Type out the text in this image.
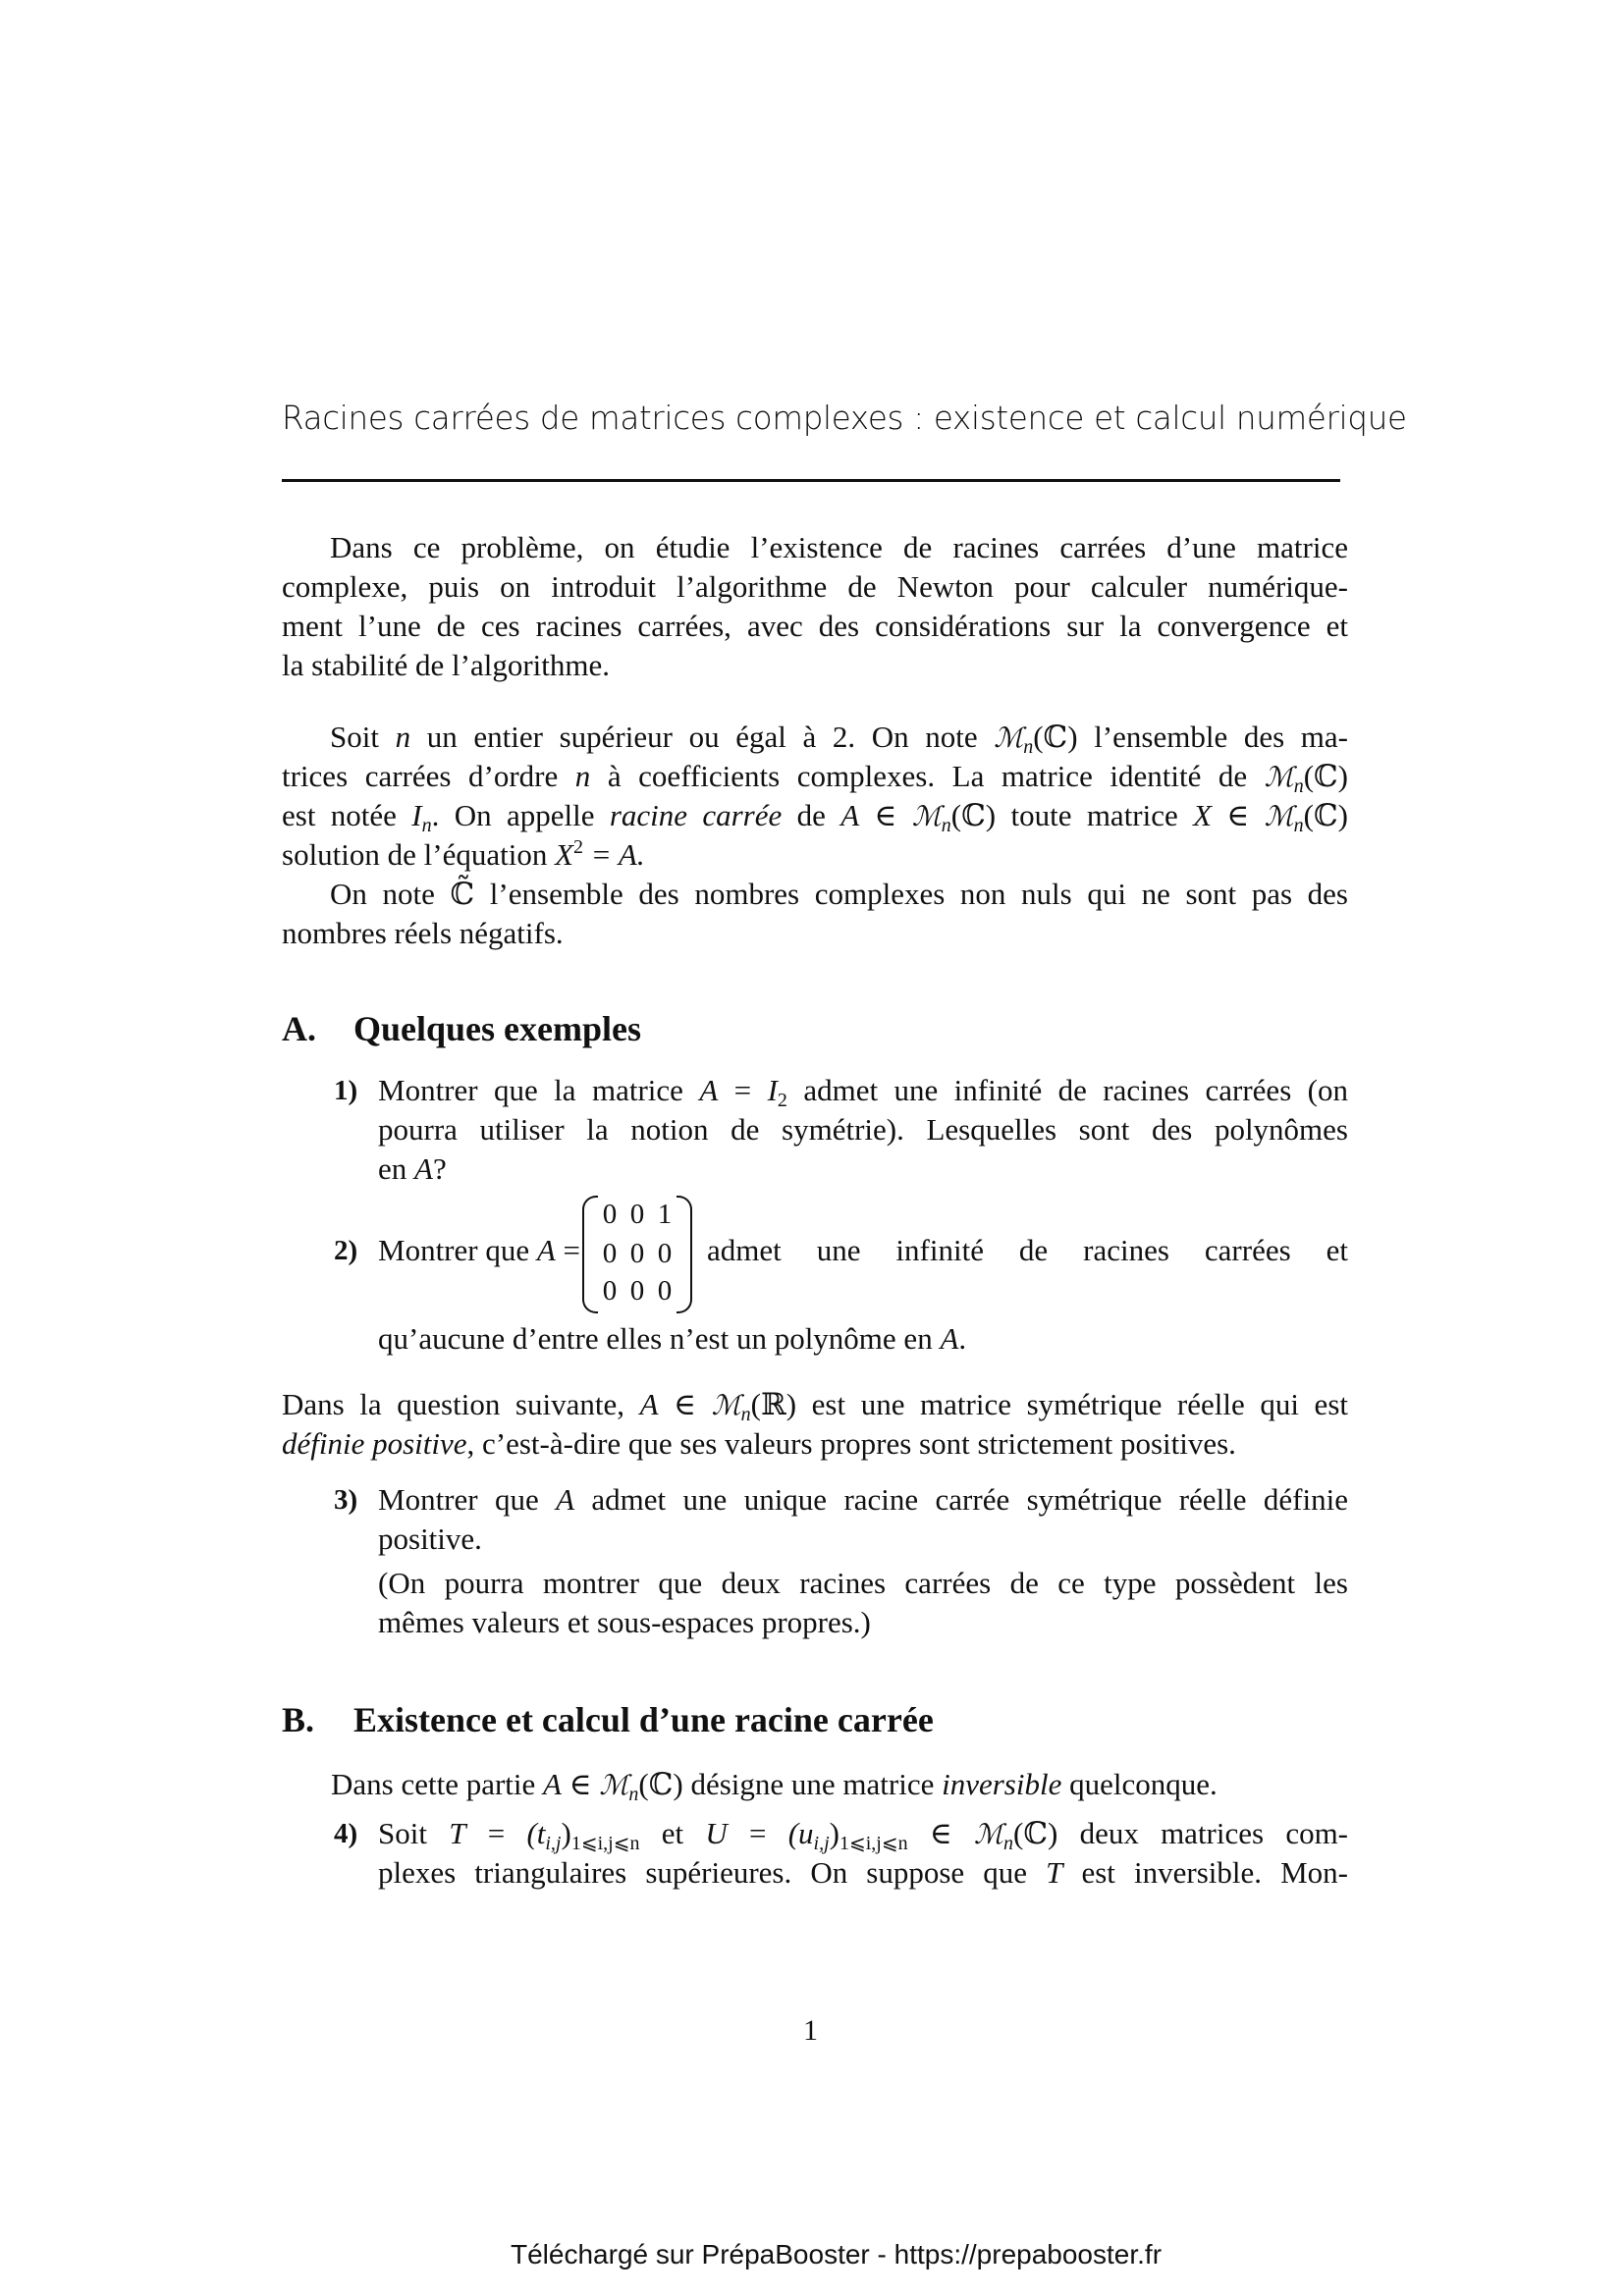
Racines carrées de matrices complexes : existence et calcul numérique
Dans ce problème, on étudie l’existence de racines carrées d’une matrice
complexe, puis on introduit l’algorithme de Newton pour calculer numérique-
ment l’une de ces racines carrées, avec des considérations sur la convergence et
la stabilité de l’algorithme.
Soit n un entier supérieur ou égal à 2. On note ℳ$_n$(ℂ) l’ensemble des ma-
trices carrées d’ordre n à coefficients complexes. La matrice identité de ℳ$_n$(ℂ)
est notée $I_n$. On appelle racine carrée de A ∈ ℳ$_n$(ℂ) toute matrice X ∈ ℳ$_n$(ℂ)
solution de l’équation $X^2 = A$.
On note ℂ̃ l’ensemble des nombres complexes non nuls qui ne sont pas des
nombres réels négatifs.
A. Quelques exemples
1) Montrer que la matrice $A = I_2$ admet une infinité de racines carrées (on
pourra utiliser la notion de symétrie). Lesquelles sont des polynômes
en A?
2) Montrer que A =
0 0 1
0 0 0
0 0 0
admet une infinité de racines carrées et
qu’aucune d’entre elles n’est un polynôme en A.
Dans la question suivante, A ∈ ℳ$_n$(ℝ) est une matrice symétrique réelle qui est
définie positive, c’est-à-dire que ses valeurs propres sont strictement positives.
3) Montrer que A admet une unique racine carrée symétrique réelle définie
positive.
(On pourra montrer que deux racines carrées de ce type possèdent les
mêmes valeurs et sous-espaces propres.)
B. Existence et calcul d’une racine carrée
Dans cette partie A ∈ ℳ$_n$(ℂ) désigne une matrice inversible quelconque.
4) Soit $T = (t_{i,j})_{1⩽i,j⩽n}$ et $U = (u_{i,j})_{1⩽i,j⩽n}$ ∈ ℳ$_n$(ℂ) deux matrices com-
plexes triangulaires supérieures. On suppose que T est inversible. Mon-
1
Téléchargé sur PrépaBooster - https://prepabooster.fr
